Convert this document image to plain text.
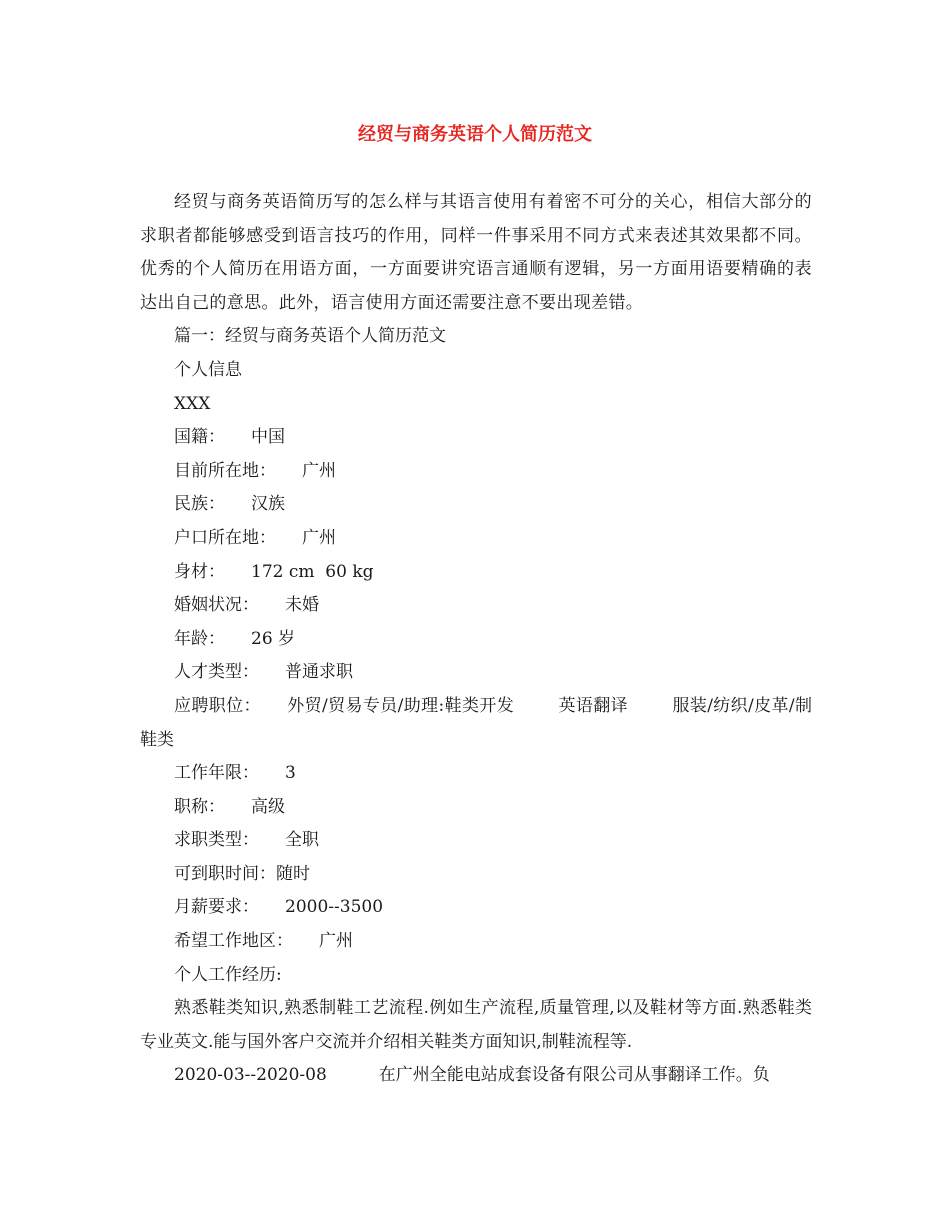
经贸与商务英语个人简历范文

经贸与商务英语简历写的怎么样与其语言使用有着密不可分的关心，相信大部分的求职者都能够感受到语言技巧的作用，同样一件事采用不同方式来表述其效果都不同。 优秀的个人简历在用语方面，一方面要讲究语言通顺有逻辑，另一方面用语要精确的表达出自己的意思。此外，语言使用方面还需要注意不要出现差错。

篇一：经贸与商务英语个人简历范文

个人信息

XXX

国籍： 中国

目前所在地： 广州

民族： 汉族

户口所在地： 广州

身材： 172 cm  60 kg

婚姻状况： 未婚

年龄： 26 岁

人才类型： 普通求职

应聘职位： 外贸/贸易专员/助理:鞋类开发	英语翻译	服装/纺织/皮革/制鞋类

工作年限： 3

职称： 高级

求职类型： 全职

可到职时间：随时

月薪要求： 2000--3500

希望工作地区： 广州

个人工作经历:

熟悉鞋类知识,熟悉制鞋工艺流程.例如生产流程,质量管理,以及鞋材等方面.熟悉鞋类专业英文.能与国外客户交流并介绍相关鞋类方面知识,制鞋流程等.

2020-03--2020-08	在广州全能电站成套设备有限公司从事翻译工作。负
